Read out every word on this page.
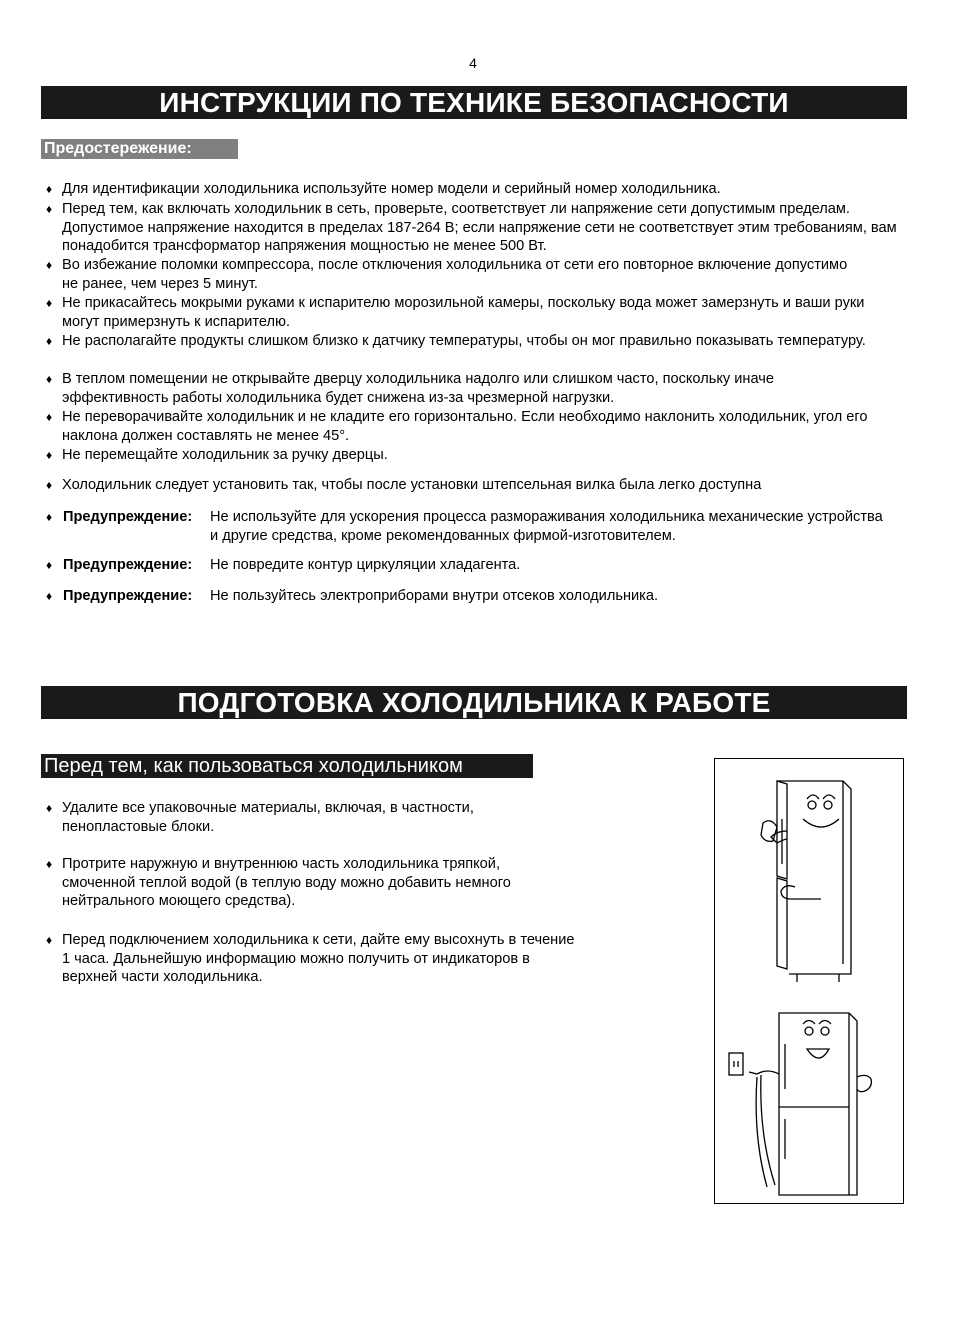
4
ИНСТРУКЦИИ ПО ТЕХНИКЕ БЕЗОПАСНОСТИ
Предостережение:
♦ Для идентификации холодильника используйте номер модели и серийный номер холодильника.
♦ Перед тем, как включать холодильник в сеть, проверьте, соответствует ли напряжение сети допустимым пределам. Допустимое напряжение находится в пределах 187-264 В; если напряжение сети не соответствует этим требованиям, вам понадобится трансформатор напряжения мощностью не менее 500 Вт.
♦ Во избежание поломки компрессора, после отключения холодильника от сети его повторное включение допустимо не ранее, чем через 5 минут.
♦ Не прикасайтесь мокрыми руками к испарителю морозильной камеры, поскольку вода может замерзнуть и ваши руки могут примерзнуть к испарителю.
♦ Не располагайте продукты слишком близко к датчику температуры, чтобы он мог правильно показывать температуру.
♦ В теплом помещении не открывайте дверцу холодильника надолго или слишком часто, поскольку иначе эффективность работы холодильника будет снижена из-за чрезмерной нагрузки.
♦ Не переворачивайте холодильник и не кладите его горизонтально. Если необходимо наклонить холодильник, угол его наклона должен составлять не менее 45°.
♦ Не перемещайте холодильник за ручку дверцы.
♦ Холодильник следует установить так, чтобы после установки штепсельная вилка была легко доступна
♦ Предупреждение: Не используйте для ускорения процесса размораживания холодильника механические устройства и другие средства, кроме рекомендованных фирмой-изготовителем.
♦ Предупреждение: Не повредите контур циркуляции хладагента.
♦ Предупреждение: Не пользуйтесь электроприборами внутри отсеков холодильника.
ПОДГОТОВКА ХОЛОДИЛЬНИКА К РАБОТЕ
Перед тем, как пользоваться холодильником
♦ Удалите все упаковочные материалы, включая, в частности, пенопластовые блоки.
♦ Протрите наружную и внутреннюю часть холодильника тряпкой, смоченной теплой водой (в теплую воду можно добавить немного нейтрального моющего средства).
♦ Перед подключением холодильника к сети, дайте ему высохнуть в течение 1 часа. Дальнейшую информацию можно получить от индикаторов в верхней части холодильника.
